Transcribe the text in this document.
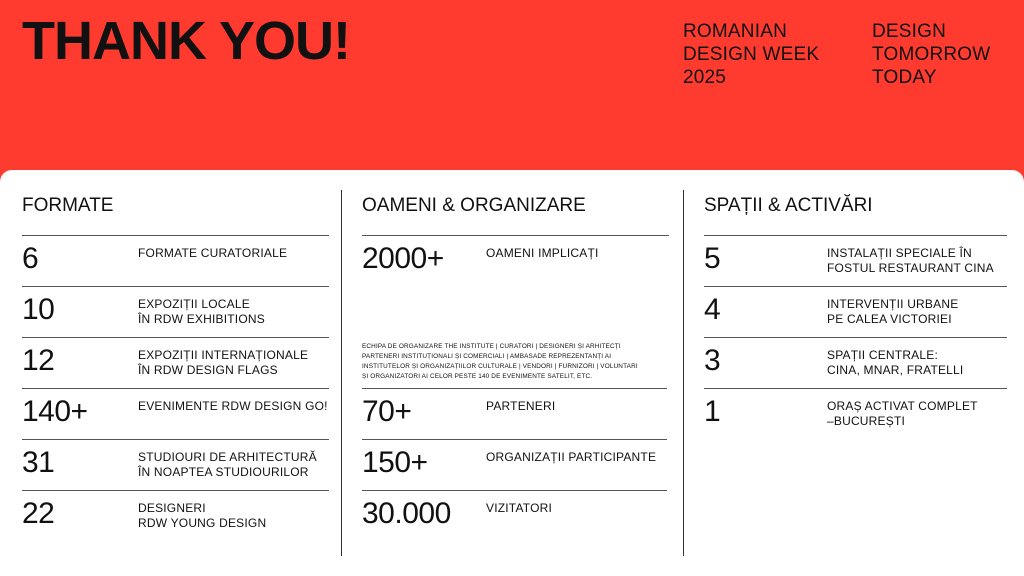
THANK YOU!	ROMANIAN
DESIGN WEEK
2025
DESIGN
TOMORROW
TODAY
FORMATE
6	FORMATE CURATORIALE
10	EXPOZIȚII LOCALE
ÎN RDW EXHIBITIONS
12	EXPOZIȚII INTERNAȚIONALE
ÎN RDW DESIGN FLAGS
140+	EVENIMENTE RDW DESIGN GO!
31	STUDIOURI DE ARHITECTURĂ
ÎN NOAPTEA STUDIOURILOR
22	DESIGNERI
RDW YOUNG DESIGN
OAMENI & ORGANIZARE
2000+	OAMENI IMPLICAȚI
ECHIPA DE ORGANIZARE THE INSTITUTE | CURATORI | DESIGNERI ȘI ARHITECȚI
PARTENERI INSTITUȚIONALI ȘI COMERCIALI | AMBASADE REPREZENTANȚI AI
INSTITUTELOR ȘI ORGANIZAȚIILOR CULTURALE | VENDORI | FURNIZORI | VOLUNTARI
ȘI ORGANIZATORI AI CELOR PESTE 140 DE EVENIMENTE SATELIT, ETC.
70+	PARTENERI
150+	ORGANIZAȚII PARTICIPANTE
30.000	VIZITATORI
SPAȚII & ACTIVĂRI
5	INSTALAȚII SPECIALE ÎN
FOSTUL RESTAURANT CINA
4	INTERVENȚII URBANE
PE CALEA VICTORIEI
3	SPAȚII CENTRALE:
CINA, MNAR, FRATELLI
1	ORAȘ ACTIVAT COMPLET
–BUCUREȘTI
